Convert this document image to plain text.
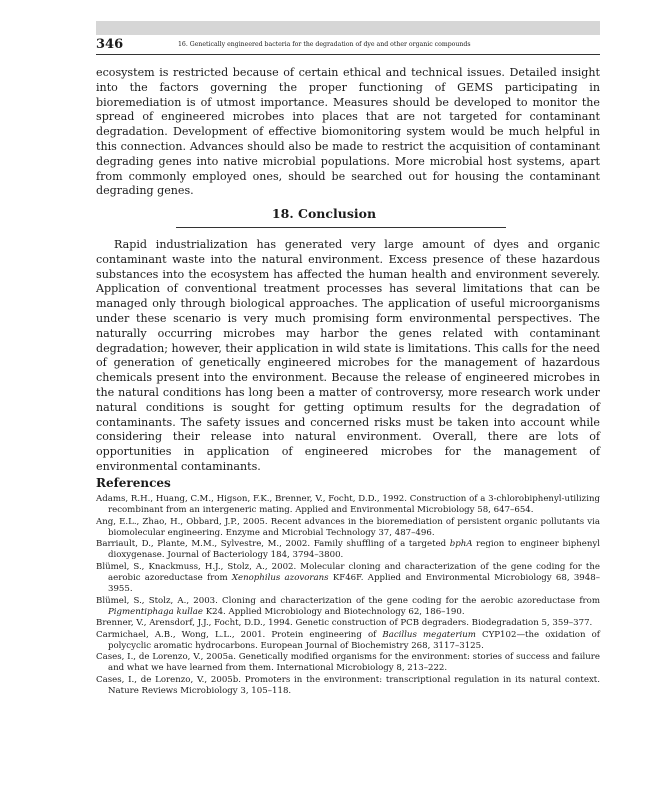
346	16. Genetically engineered bacteria for the degradation of dye and other organic compounds

ecosystem is restricted because of certain ethical and technical issues. Detailed insight into the factors governing the proper functioning of GEMS participating in bioremediation is of utmost importance. Measures should be developed to monitor the spread of engineered microbes into places that are not targeted for contaminant degradation. Development of effective biomonitoring system would be much helpful in this connection. Advances should also be made to restrict the acquisition of contaminant degrading genes into native microbial populations. More microbial host systems, apart from commonly employed ones, should be searched out for housing the contaminant degrading genes.

18. Conclusion

Rapid industrialization has generated very large amount of dyes and organic contaminant waste into the natural environment. Excess presence of these hazardous substances into the ecosystem has affected the human health and environment severely. Application of conventional treatment processes has several limitations that can be managed only through biological approaches. The application of useful microorganisms under these scenario is very much promising form environmental perspectives. The naturally occurring microbes may harbor the genes related with contaminant degradation; however, their application in wild state is limitations. This calls for the need of generation of genetically engineered microbes for the management of hazardous chemicals present into the environment. Because the release of engineered microbes in the natural conditions has long been a matter of controversy, more research work under natural conditions is sought for getting optimum results for the degradation of contaminants. The safety issues and concerned risks must be taken into account while considering their release into natural environment. Overall, there are lots of opportunities in application of engineered microbes for the management of environmental contaminants.

References
Adams, R.H., Huang, C.M., Higson, F.K., Brenner, V., Focht, D.D., 1992. Construction of a 3-chlorobiphenyl-utilizing recombinant from an intergeneric mating. Applied and Environmental Microbiology 58, 647–654.
Ang, E.L., Zhao, H., Obbard, J.P., 2005. Recent advances in the bioremediation of persistent organic pollutants via biomolecular engineering. Enzyme and Microbial Technology 37, 487–496.
Barriault, D., Plante, M.M., Sylvestre, M., 2002. Family shuffling of a targeted bphA region to engineer biphenyl dioxygenase. Journal of Bacteriology 184, 3794–3800.
Blümel, S., Knackmuss, H.J., Stolz, A., 2002. Molecular cloning and characterization of the gene coding for the aerobic azoreductase from Xenophilus azovorans KF46F. Applied and Environmental Microbiology 68, 3948–3955.
Blümel, S., Stolz, A., 2003. Cloning and characterization of the gene coding for the aerobic azoreductase from Pigmentiphaga kullae K24. Applied Microbiology and Biotechnology 62, 186–190.
Brenner, V., Arensdorf, J.J., Focht, D.D., 1994. Genetic construction of PCB degraders. Biodegradation 5, 359–377.
Carmichael, A.B., Wong, L.L., 2001. Protein engineering of Bacillus megaterium CYP102—the oxidation of polycyclic aromatic hydrocarbons. European Journal of Biochemistry 268, 3117–3125.
Cases, I., de Lorenzo, V., 2005a. Genetically modified organisms for the environment: stories of success and failure and what we have learned from them. International Microbiology 8, 213–222.
Cases, I., de Lorenzo, V., 2005b. Promoters in the environment: transcriptional regulation in its natural context. Nature Reviews Microbiology 3, 105–118.
